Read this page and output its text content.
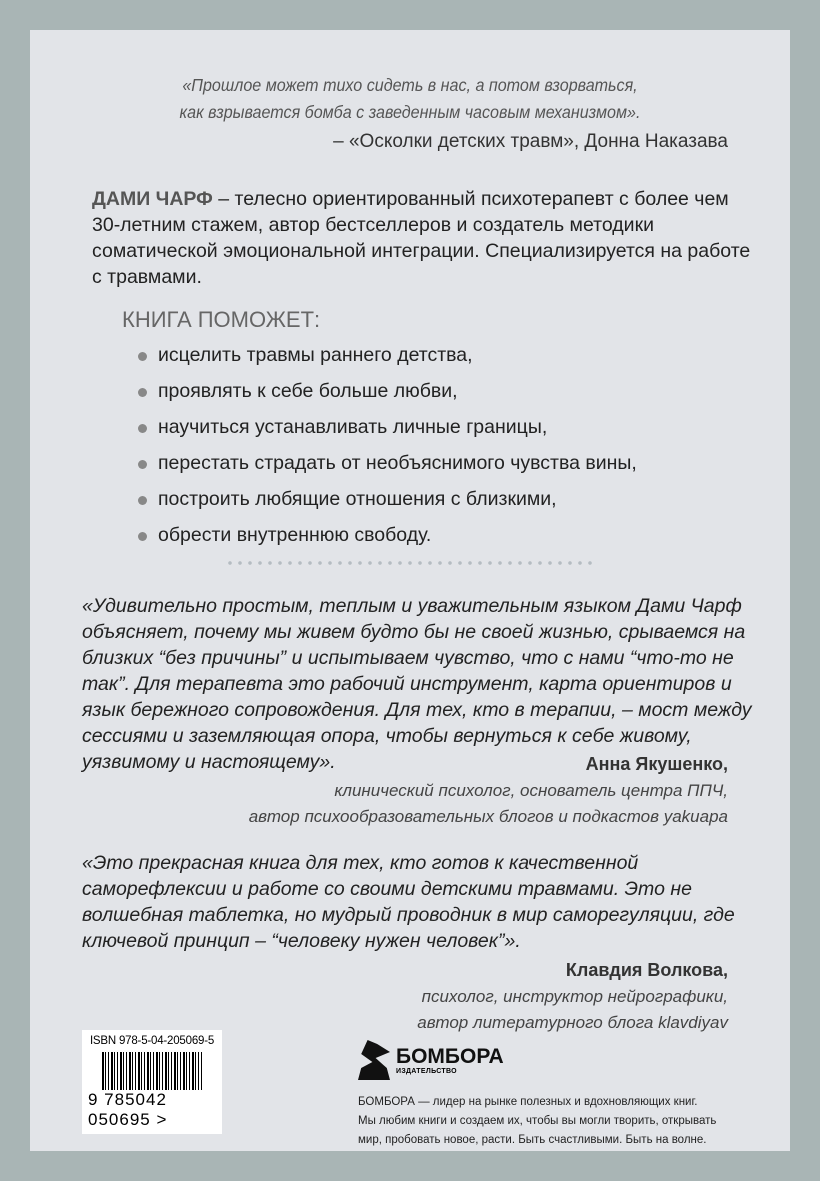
«Прошлое может тихо сидеть в нас, а потом взорваться,
как взрывается бомба с заведенным часовым механизмом».
– «Осколки детских травм», Донна Наказава
ДАМИ ЧАРФ – телесно ориентированный психотерапевт с более чем 30-летним стажем, автор бестселлеров и создатель методики соматической эмоциональной интеграции. Специализируется на работе с травмами.
КНИГА ПОМОЖЕТ:
исцелить травмы раннего детства,
проявлять к себе больше любви,
научиться устанавливать личные границы,
перестать страдать от необъяснимого чувства вины,
построить любящие отношения с близкими,
обрести внутреннюю свободу.
«Удивительно простым, теплым и уважительным языком Дами Чарф объясняет, почему мы живем будто бы не своей жизнью, срываемся на близких “без причины” и испытываем чувство, что с нами “что-то не так”. Для терапевта это рабочий инструмент, карта ориентиров и язык бережного сопровождения. Для тех, кто в терапии, – мост между сессиями и заземляющая опора, чтобы вернуться к себе живому, уязвимому и настоящему».	Анна Якушенко,
клинический психолог, основатель центра ППЧ,
автор психообразовательных блогов и подкастов yakuapa
«Это прекрасная книга для тех, кто готов к качественной саморефлексии и работе со своими детскими травмами. Это не волшебная таблетка, но мудрый проводник в мир саморегуляции, где ключевой принцип – “человеку нужен человек”».
Клавдия Волкова,
психолог, инструктор нейрографики,
автор литературного блога klavdiyav
ISBN 978-5-04-205069-5
9 785042 050695 >
БОМБОРА
ИЗДАТЕЛЬСТВО
БОМБОРА — лидер на рынке полезных и вдохновляющих книг.
Мы любим книги и создаем их, чтобы вы могли творить, открывать
мир, пробовать новое, расти. Быть счастливыми. Быть на волне.
